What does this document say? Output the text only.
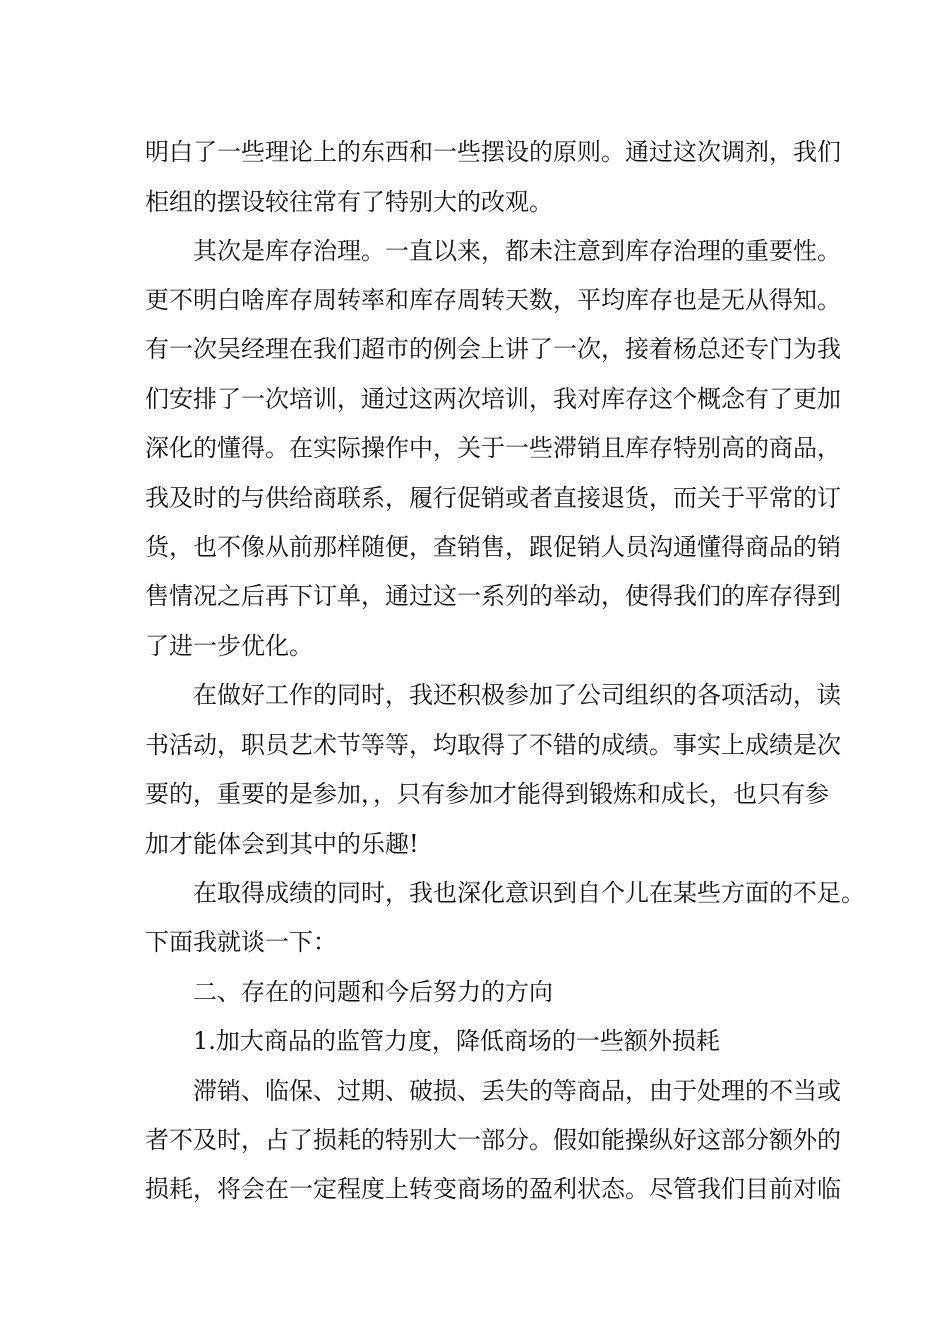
明白了一些理论上的东西和一些摆设的原则。通过这次调剂，我们
柜组的摆设较往常有了特别大的改观。
其次是库存治理。一直以来，都未注意到库存治理的重要性。
更不明白啥库存周转率和库存周转天数，平均库存也是无从得知。
有一次吴经理在我们超市的例会上讲了一次，接着杨总还专门为我
们安排了一次培训，通过这两次培训，我对库存这个概念有了更加
深化的懂得。在实际操作中，关于一些滞销且库存特别高的商品，
我及时的与供给商联系，履行促销或者直接退货，而关于平常的订
货，也不像从前那样随便，查销售，跟促销人员沟通懂得商品的销
售情况之后再下订单，通过这一系列的举动，使得我们的库存得到
了进一步优化。
在做好工作的同时，我还积极参加了公司组织的各项活动，读
书活动，职员艺术节等等，均取得了不错的成绩。事实上成绩是次
要的，重要的是参加，，只有参加才能得到锻炼和成长，也只有参
加才能体会到其中的乐趣!
在取得成绩的同时，我也深化意识到自个儿在某些方面的不足。
下面我就谈一下：
二、存在的问题和今后努力的方向
1.加大商品的监管力度，降低商场的一些额外损耗
滞销、临保、过期、破损、丢失的等商品，由于处理的不当或
者不及时，占了损耗的特别大一部分。假如能操纵好这部分额外的
损耗，将会在一定程度上转变商场的盈利状态。尽管我们目前对临
